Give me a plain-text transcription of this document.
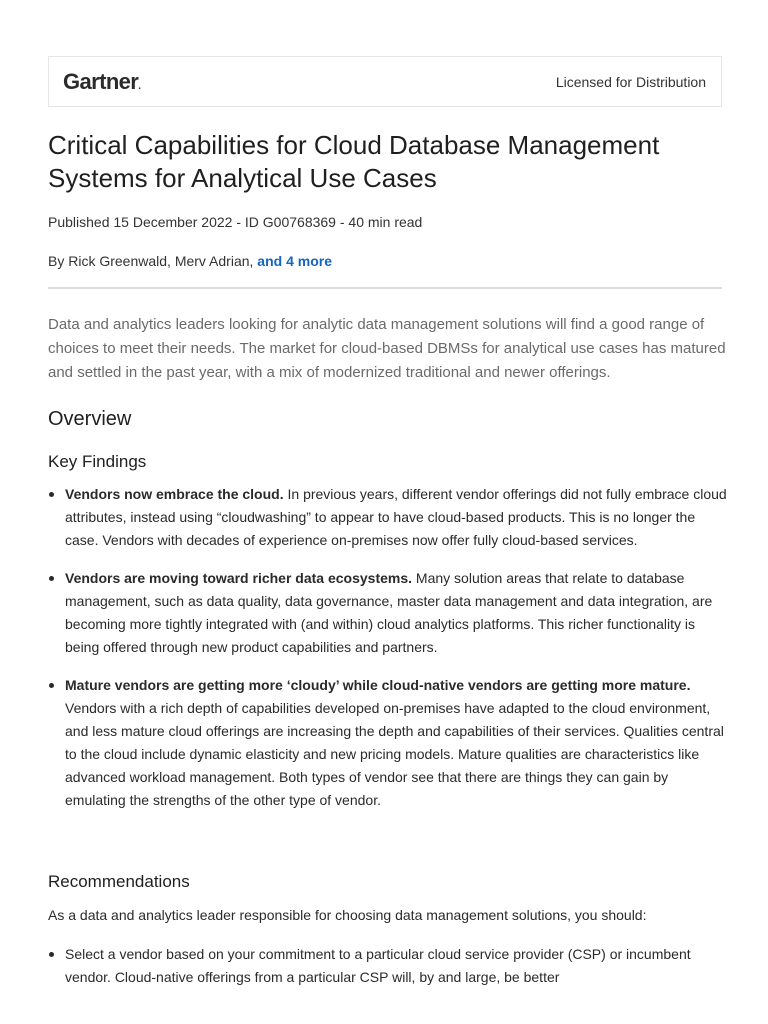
Gartner.	Licensed for Distribution
Critical Capabilities for Cloud Database Management Systems for Analytical Use Cases

Published 15 December 2022 - ID G00768369 - 40 min read

By Rick Greenwald, Merv Adrian, and 4 more

Data and analytics leaders looking for analytic data management solutions will find a good range of choices to meet their needs. The market for cloud-based DBMSs for analytical use cases has matured and settled in the past year, with a mix of modernized traditional and newer offerings.

Overview
Key Findings
Vendors now embrace the cloud. In previous years, different vendor offerings did not fully embrace cloud attributes, instead using “cloudwashing” to appear to have cloud-based products. This is no longer the case. Vendors with decades of experience on-premises now offer fully cloud-based services.
Vendors are moving toward richer data ecosystems. Many solution areas that relate to database management, such as data quality, data governance, master data management and data integration, are becoming more tightly integrated with (and within) cloud analytics platforms. This richer functionality is being offered through new product capabilities and partners.
Mature vendors are getting more ‘cloudy’ while cloud-native vendors are getting more mature. Vendors with a rich depth of capabilities developed on-premises have adapted to the cloud environment, and less mature cloud offerings are increasing the depth and capabilities of their services. Qualities central to the cloud include dynamic elasticity and new pricing models. Mature qualities are characteristics like advanced workload management. Both types of vendor see that there are things they can gain by emulating the strengths of the other type of vendor.
Recommendations

As a data and analytics leader responsible for choosing data management solutions, you should:

Select a vendor based on your commitment to a particular cloud service provider (CSP) or incumbent vendor. Cloud-native offerings from a particular CSP will, by and large, be better
